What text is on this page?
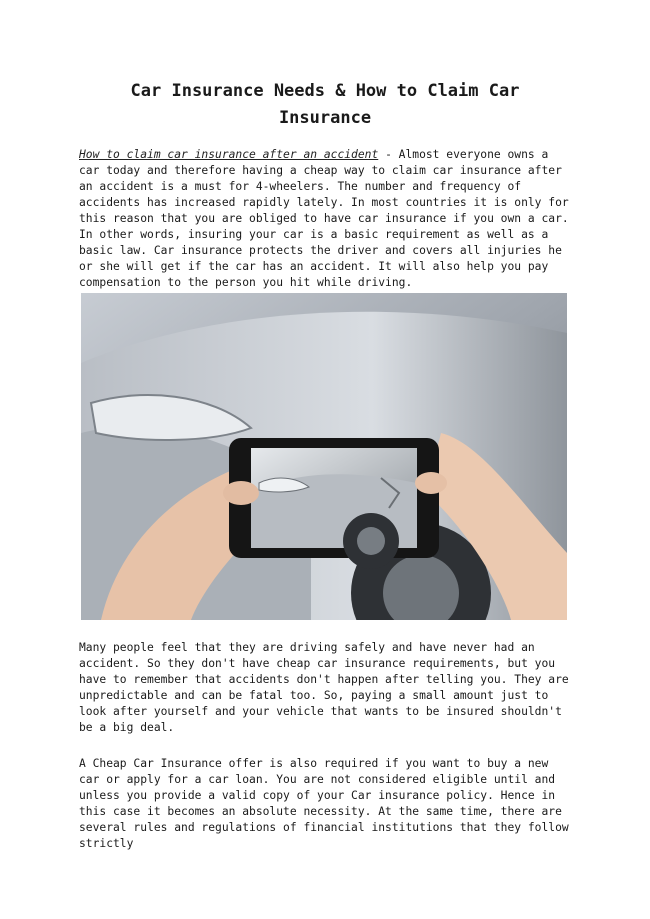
Car Insurance Needs & How to Claim Car Insurance

How to claim car insurance after an accident - Almost everyone owns a car today and therefore having a cheap way to claim car insurance after an accident is a must for 4-wheelers. The number and frequency of accidents has increased rapidly lately. In most countries it is only for this reason that you are obliged to have car insurance if you own a car. In other words, insuring your car is a basic requirement as well as a basic law. Car insurance protects the driver and covers all injuries he or she will get if the car has an accident. It will also help you pay compensation to the person you hit while driving.

Many people feel that they are driving safely and have never had an accident. So they don't have cheap car insurance requirements, but you have to remember that accidents don't happen after telling you. They are unpredictable and can be fatal too. So, paying a small amount just to look after yourself and your vehicle that wants to be insured shouldn't be a big deal.

A Cheap Car Insurance offer is also required if you want to buy a new car or apply for a car loan. You are not considered eligible until and unless you provide a valid copy of your Car insurance policy. Hence in this case it becomes an absolute necessity. At the same time, there are several rules and regulations of financial institutions that they follow strictly
